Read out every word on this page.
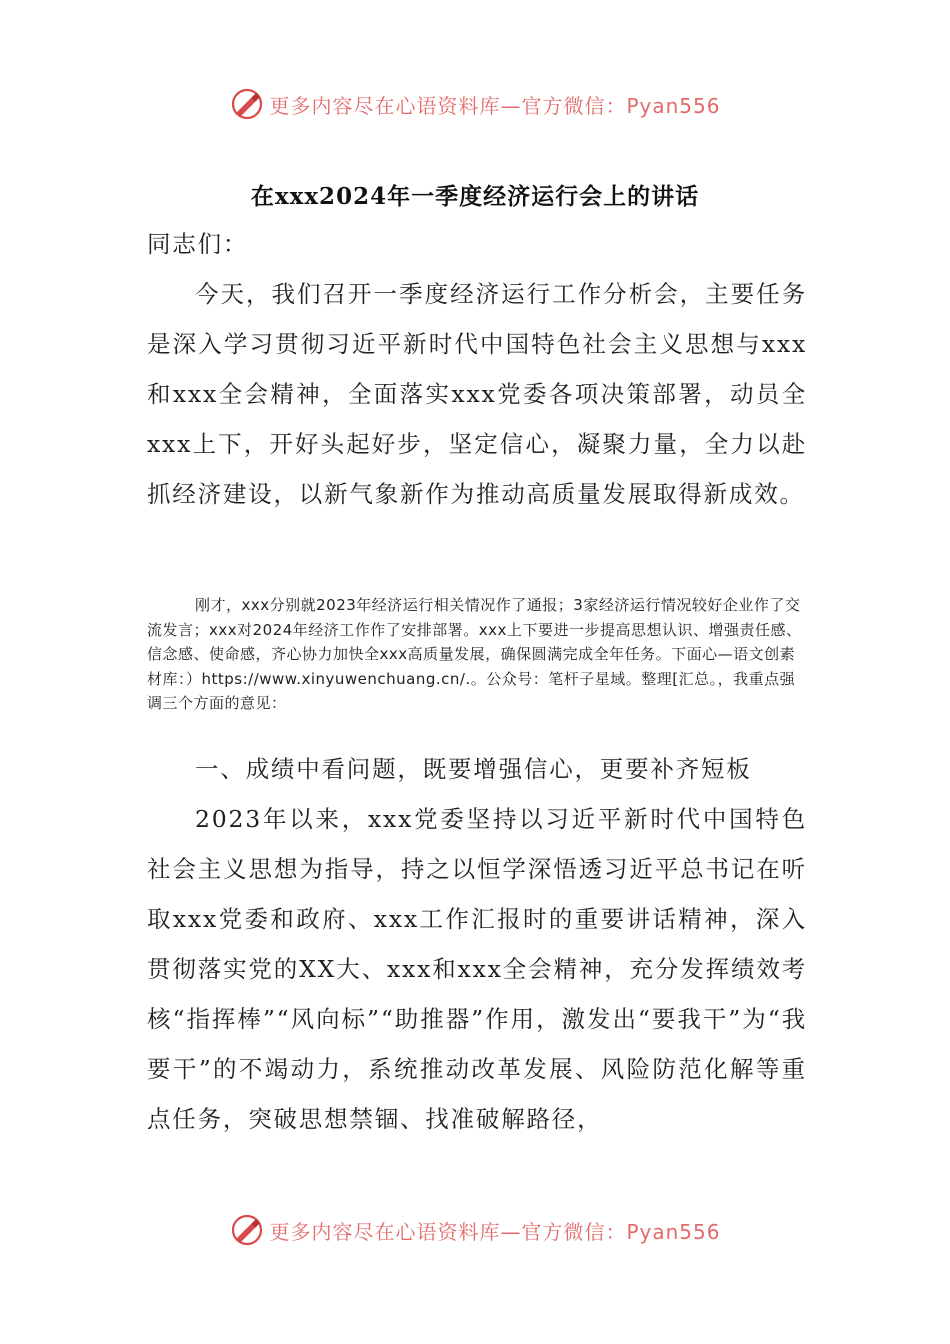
更多内容尽在心语资料库—官方微信：Pyan556
在xxx2024年一季度经济运行会上的讲话

同志们：

今天，我们召开一季度经济运行工作分析会，主要任务是深入学习贯彻习近平新时代中国特色社会主义思想与xxx和xxx全会精神，全面落实xxx党委各项决策部署，动员全xxx上下，开好头起好步，坚定信心，凝聚力量，全力以赴抓经济建设，以新气象新作为推动高质量发展取得新成效。

刚才，xxx分别就2023年经济运行相关情况作了通报；3家经济运行情况较好企业作了交流发言；xxx对2024年经济工作作了安排部署。xxx上下要进一步提高思想认识、增强责任感、信念感、使命感，齐心协力加快全xxx高质量发展，确保圆满完成全年任务。下面心—语文创素材库：）https://www.xinyuwenchuang.cn/.。公众号：笔杆子星域。整理[汇总。，我重点强调三个方面的意见：

一、成绩中看问题，既要增强信心，更要补齐短板

2023年以来，xxx党委坚持以习近平新时代中国特色社会主义思想为指导，持之以恒学深悟透习近平总书记在听取xxx党委和政府、xxx工作汇报时的重要讲话精神，深入贯彻落实党的XX大、xxx和xxx全会精神，充分发挥绩效考核“指挥棒”“风向标”“助推器”作用，激发出“要我干”为“我要干”的不竭动力，系统推动改革发展、风险防范化解等重点任务，突破思想禁锢、找准破解路径，

更多内容尽在心语资料库—官方微信：Pyan556
